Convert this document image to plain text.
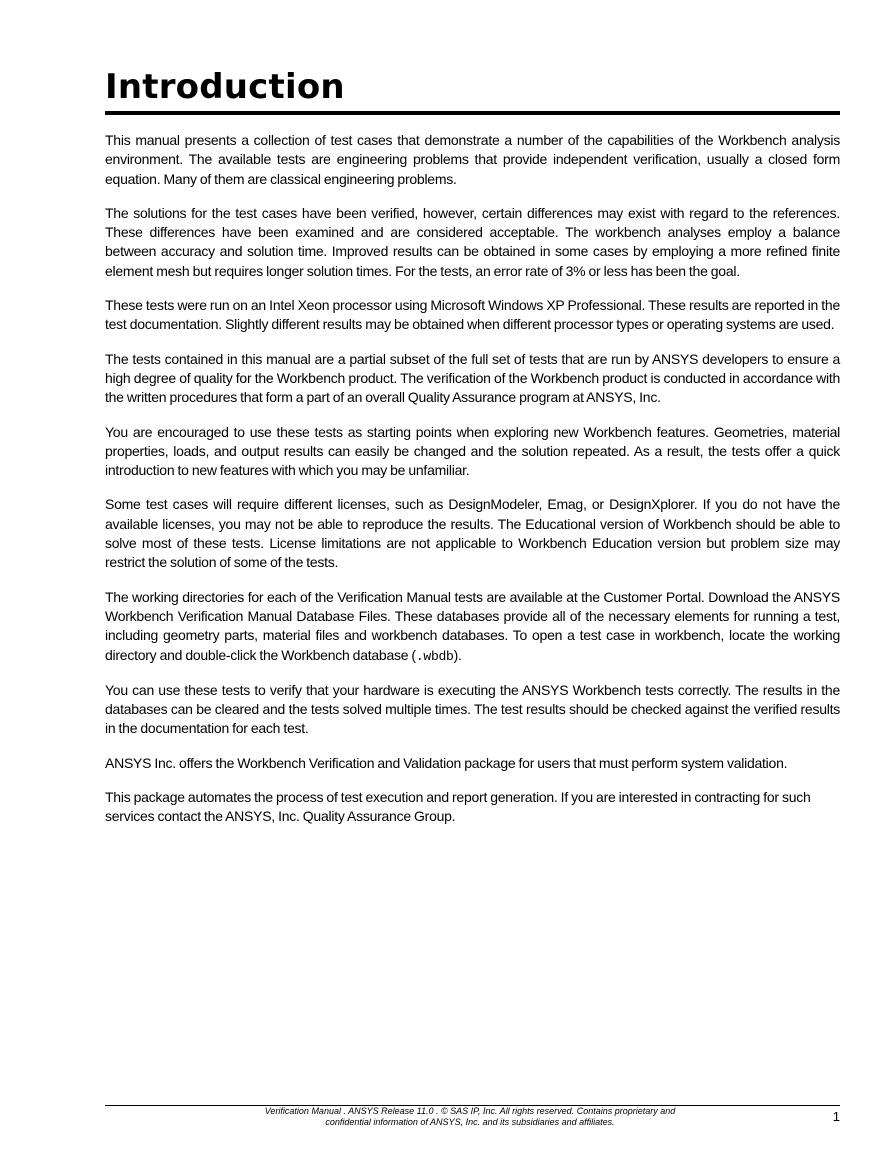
Introduction

This manual presents a collection of test cases that demonstrate a number of the capabilities of the Workbench analysis environment. The available tests are engineering problems that provide independent verification, usually a closed form equation. Many of them are classical engineering problems.

The solutions for the test cases have been verified, however, certain differences may exist with regard to the references. These differences have been examined and are considered acceptable. The workbench analyses employ a balance between accuracy and solution time. Improved results can be obtained in some cases by employing a more refined finite element mesh but requires longer solution times. For the tests, an error rate of 3% or less has been the goal.

These tests were run on an Intel Xeon processor using Microsoft Windows XP Professional. These results are reported in the test documentation. Slightly different results may be obtained when different processor types or operating systems are used.

The tests contained in this manual are a partial subset of the full set of tests that are run by ANSYS developers to ensure a high degree of quality for the Workbench product. The verification of the Workbench product is conducted in accordance with the written procedures that form a part of an overall Quality Assurance program at ANSYS, Inc.

You are encouraged to use these tests as starting points when exploring new Workbench features. Geometries, material properties, loads, and output results can easily be changed and the solution repeated. As a result, the tests offer a quick introduction to new features with which you may be unfamiliar.

Some test cases will require different licenses, such as DesignModeler, Emag, or DesignXplorer. If you do not have the available licenses, you may not be able to reproduce the results. The Educational version of Workbench should be able to solve most of these tests. License limitations are not applicable to Workbench Education version but problem size may restrict the solution of some of the tests.

The working directories for each of the Verification Manual tests are available at the Customer Portal. Download the ANSYS Workbench Verification Manual Database Files. These databases provide all of the necessary elements for running a test, including geometry parts, material files and workbench databases. To open a test case in workbench, locate the working directory and double-click the Workbench database (.wbdb).

You can use these tests to verify that your hardware is executing the ANSYS Workbench tests correctly. The results in the databases can be cleared and the tests solved multiple times. The test results should be checked against the verified results in the documentation for each test.

ANSYS Inc. offers the Workbench Verification and Validation package for users that must perform system validation.

This package automates the process of test execution and report generation. If you are interested in contracting for such services contact the ANSYS, Inc. Quality Assurance Group.

Verification Manual . ANSYS Release 11.0 . © SAS IP, Inc. All rights reserved. Contains proprietary and
confidential information of ANSYS, Inc. and its subsidiaries and affiliates.	1
